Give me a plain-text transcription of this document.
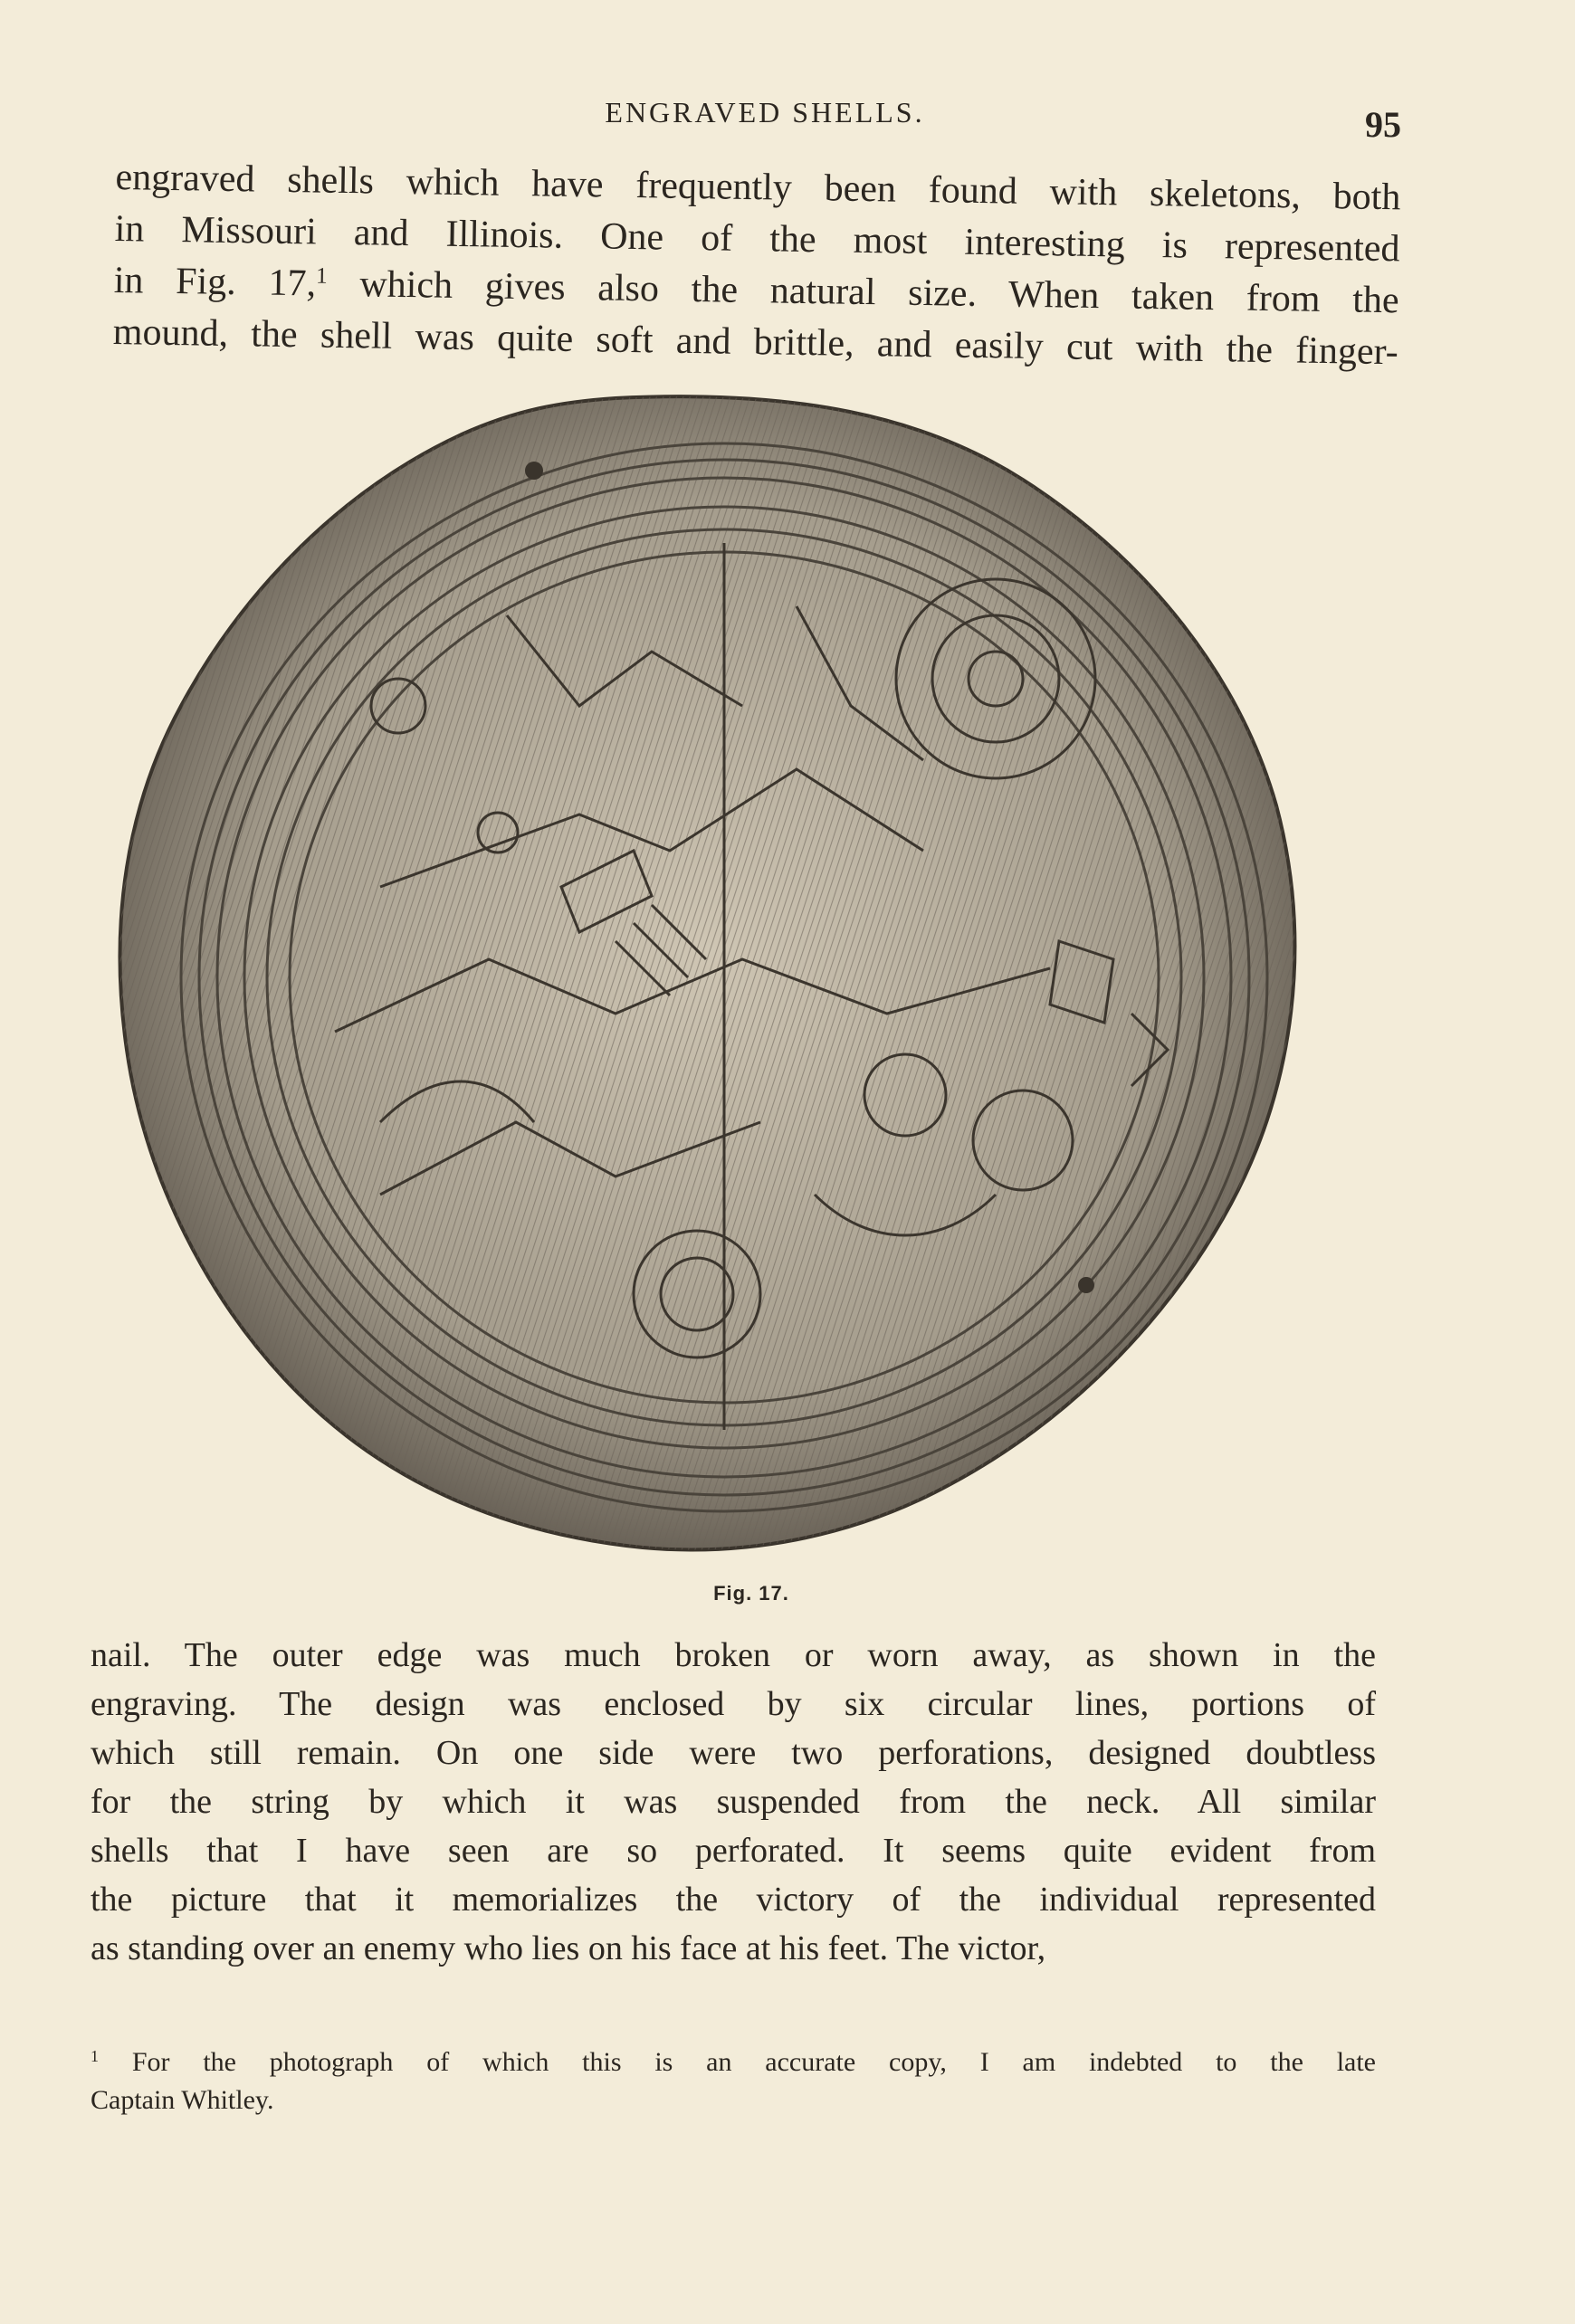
ENGRAVED SHELLS.	95
engraved shells which have frequently been found with skeletons, both
in Missouri and Illinois. One of the most interesting is represented
in Fig. 17,$^1$ which gives also the natural size. When taken from the
mound, the shell was quite soft and brittle, and easily cut with the finger-
Fig. 17.
nail. The outer edge was much broken or worn away, as shown in the
engraving. The design was enclosed by six circular lines, portions of
which still remain. On one side were two perforations, designed doubtless
for the string by which it was suspended from the neck. All similar
shells that I have seen are so perforated. It seems quite evident from
the picture that it memorializes the victory of the individual represented
as standing over an enemy who lies on his face at his feet. The victor,
$^1$ For the photograph of which this is an accurate copy, I am indebted to the late
Captain Whitley.
